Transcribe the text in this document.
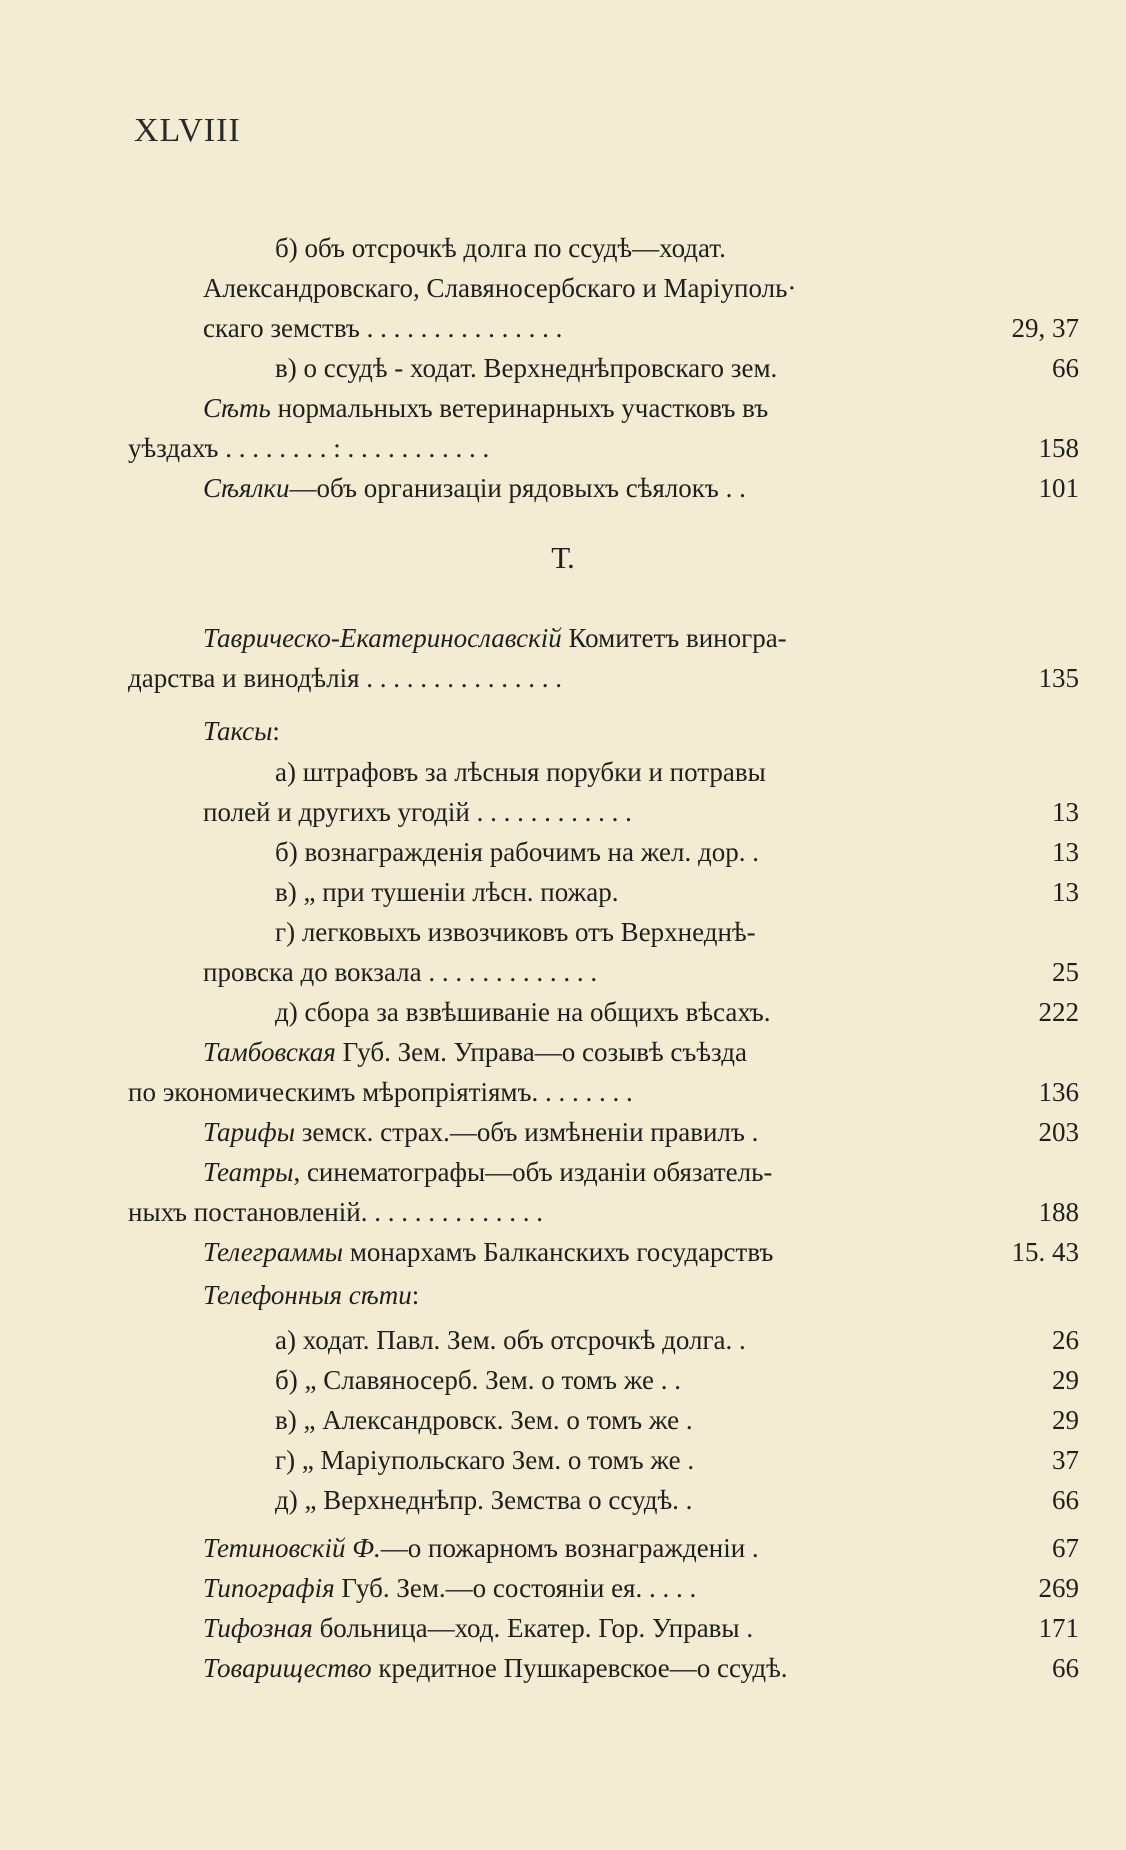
XLVIII
Т.
б) объ отсрочкѣ долга по ссудѣ—ходат.
Александровскаго, Славяносербскаго и Маріуполь·
скаго земствъ . . . . . . . . . . . . . . .	29, 37
в) о ссудѣ - ходат. Верхнеднѣпровскаго зем.	66
Сѣть нормальныхъ ветеринарныхъ участковъ въ
уѣздахъ . . . . . . . . : . . . . . . . . . . .	158
Сѣялки—объ организаціи рядовыхъ сѣялокъ . .	101
Таврическо-Екатеринославскій Комитетъ виногра-
дарства и винодѣлія . . . . . . . . . . . . . . .	135
Таксы:
а) штрафовъ за лѣсныя порубки и потравы
полей и другихъ угодій . . . . . . . . . . . .	13
б) вознагражденія рабочимъ на жел. дор. .	13
в) „ при тушеніи лѣсн. пожар.	13
г) легковыхъ извозчиковъ отъ Верхнеднѣ-
провска до вокзала . . . . . . . . . . . . .	25
д) сбора за взвѣшиваніе на общихъ вѣсахъ.	222
Тамбовская Губ. Зем. Управа—о созывѣ съѣзда
по экономическимъ мѣропріятіямъ. . . . . . . .	136
Тарифы земск. страх.—объ измѣненіи правилъ .	203
Театры, синематографы—объ изданіи обязатель-
ныхъ постановленій. . . . . . . . . . . . . .	188
Телеграммы монархамъ Балканскихъ государствъ	15. 43
Телефонныя сѣти:
а) ходат. Павл. Зем. объ отсрочкѣ долга. .	26
б) „ Славяносерб. Зем. о томъ же . .	29
в) „ Александровск. Зем. о томъ же .	29
г) „ Маріупольскаго Зем. о томъ же .	37
д) „ Верхнеднѣпр. Земства о ссудѣ. .	66
Тетиновскій Ф.—о пожарномъ вознагражденіи .	67
Типографія Губ. Зем.—о состояніи ея. . . . .	269
Тифозная больница—ход. Екатер. Гор. Управы .	171
Товарищество кредитное Пушкаревское—о ссудѣ.	66
